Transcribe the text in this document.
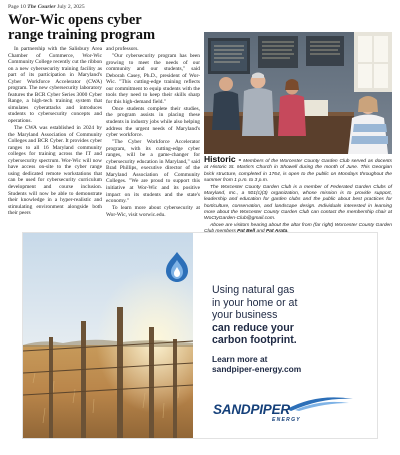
Page 10 The Courier July 2, 2025
Wor-Wic opens cyber
range training program

In partnership with the Salisbury Area Chamber of Commerce, Wor-Wic Community College recently cut the ribbon on a new cybersecurity training facility as part of its participation in Maryland's Cyber Workforce Accelerator (CWA) program. The new cybersecurity laboratory features the BCR Cyber Series 3000 Cyber Range, a high-tech training system that simulates cyberattacks and introduces students to cybersecurity concepts and operations.

The CWA was established in 2024 by the Maryland Association of Community Colleges and BCR Cyber. It provides cyber ranges to all 16 Maryland community colleges for training across the IT and cybersecurity spectrum. Wor-Wic will now have access on-site to the cyber range using dedicated remote workstations that can be used for cybersecurity curriculum development and course inclusion. Students will now be able to demonstrate their knowledge in a hyper-realistic and stimulating environment alongside both their peers

and professors.

"Our cybersecurity program has been growing to meet the needs of our community and our students," said Deborah Casey, Ph.D., president of Wor-Wic. "This cutting-edge training reflects our commitment to equip students with the tools they need to keep their skills sharp for this high-demand field."

Once students complete their studies, the program assists in placing these students in industry jobs while also helping address the urgent needs of Maryland's cyber workforce.

"The Cyber Workforce Accelerator program, with its cutting-edge cyber ranges, will be a game-changer for cybersecurity education in Maryland," said Brad Phillips, executive director of the Maryland Association of Community Colleges. "We are proud to support this initiative at Wor-Wic and its positive impact on its students and the state's economy."

To learn more about cybersecurity at Wor-Wic, visit worwic.edu.

Historic - Members of the Worcester County Garden Club served as docents at Historic St. Martin's Church in Showell during the month of June. This Georgian brick structure, completed in 1764, is open to the public on Mondays throughout the summer from 1 p.m. to 3 p.m.

The Worcester County Garden Club is a member of Federated Garden Clubs of Maryland, Inc., a 501(c)(3) organization, whose mission is to provide support, leadership and education for garden clubs and the public about best practices for horticulture, conservation, and landscape design. Individuals interested in learning more about the Worcester County Garden Club can contact the membership chair at WoCtyGarden-Club@gmail.com.

Above are visitors hearing about the altar from (far right) Worcester County Garden

Using natural gas
in your home or at
your business
can reduce your
carbon footprint.
Learn more at
sandpiper-energy.com
SANDPIPER
ENERGY
